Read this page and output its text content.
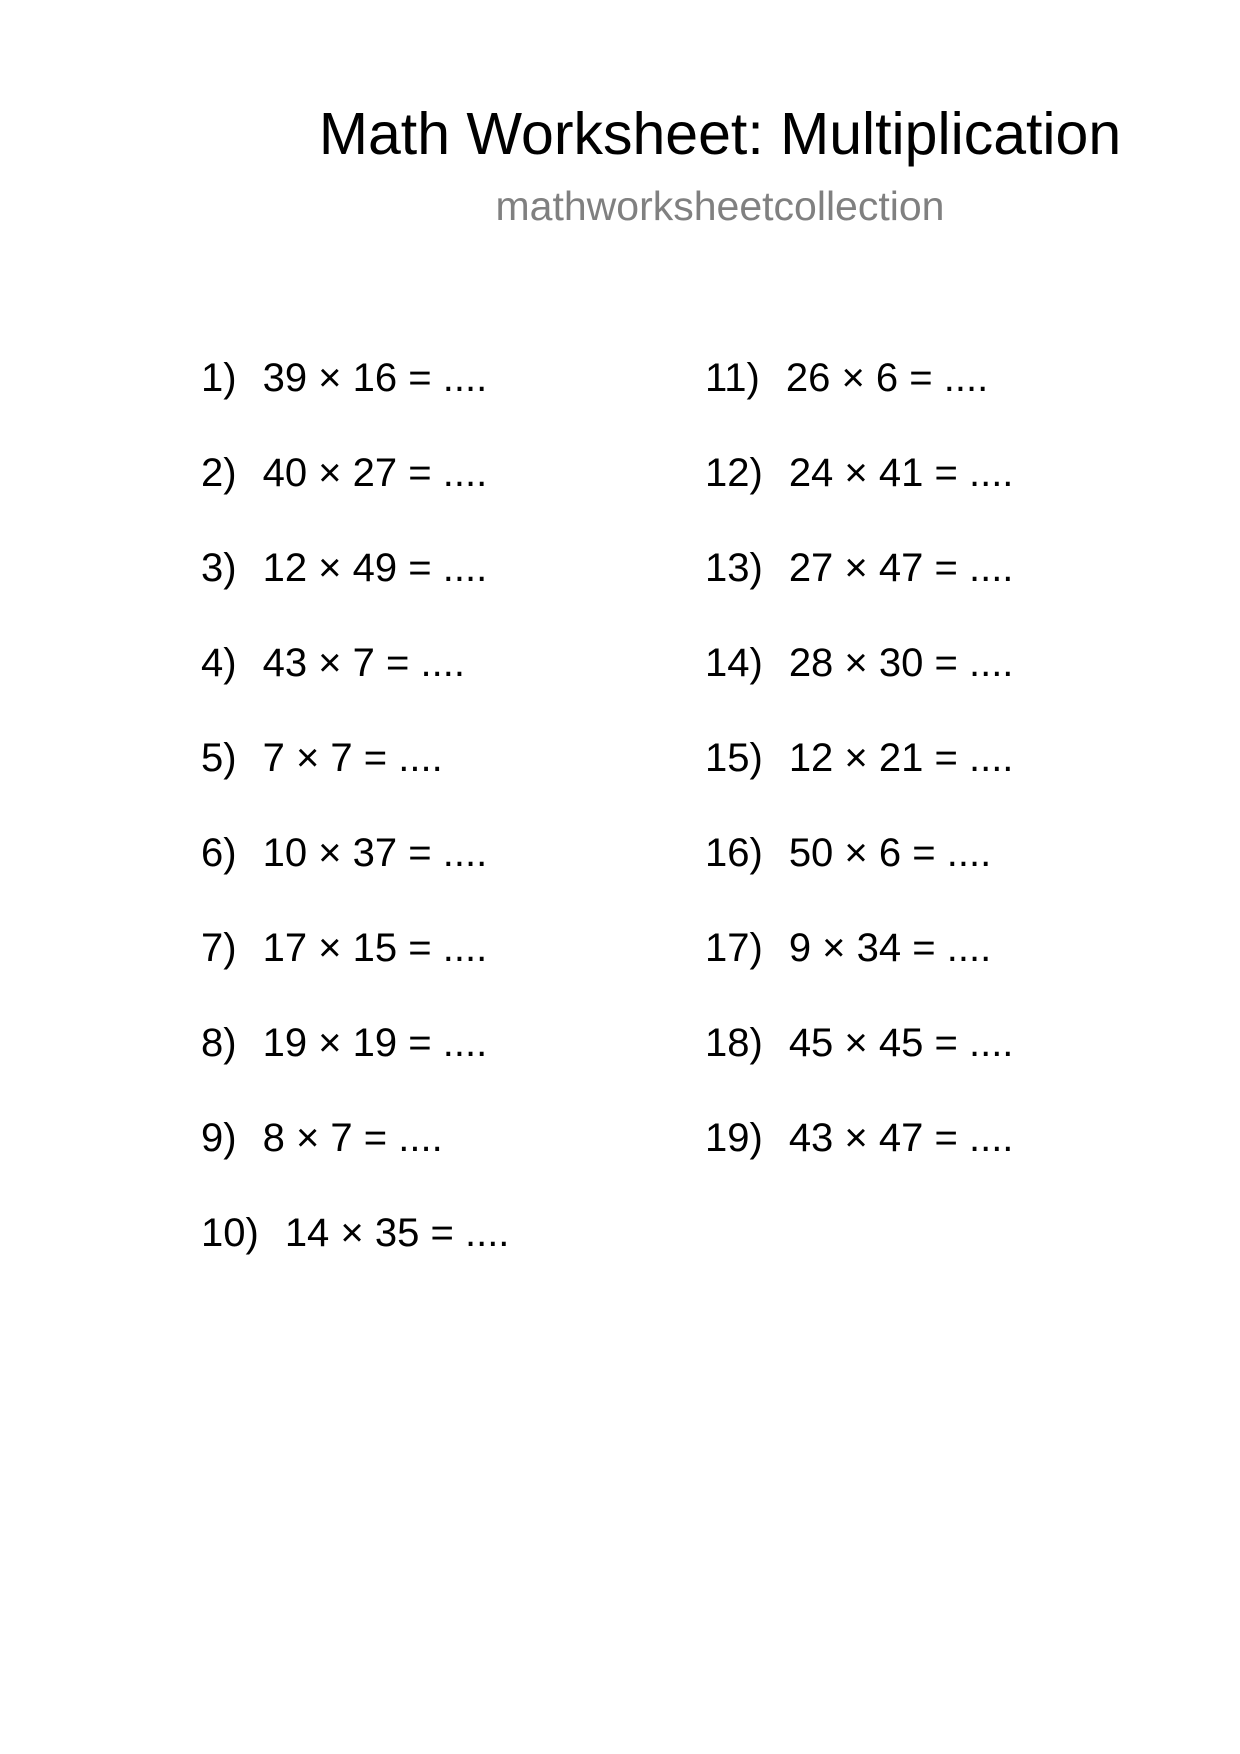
Math Worksheet: Multiplication
mathworksheetcollection
1) 39 × 16 = ....
2) 40 × 27 = ....
3) 12 × 49 = ....
4) 43 × 7 = ....
5) 7 × 7 = ....
6) 10 × 37 = ....
7) 17 × 15 = ....
8) 19 × 19 = ....
9) 8 × 7 = ....
10) 14 × 35 = ....
11) 26 × 6 = ....
12) 24 × 41 = ....
13) 27 × 47 = ....
14) 28 × 30 = ....
15) 12 × 21 = ....
16) 50 × 6 = ....
17) 9 × 34 = ....
18) 45 × 45 = ....
19) 43 × 47 = ....
